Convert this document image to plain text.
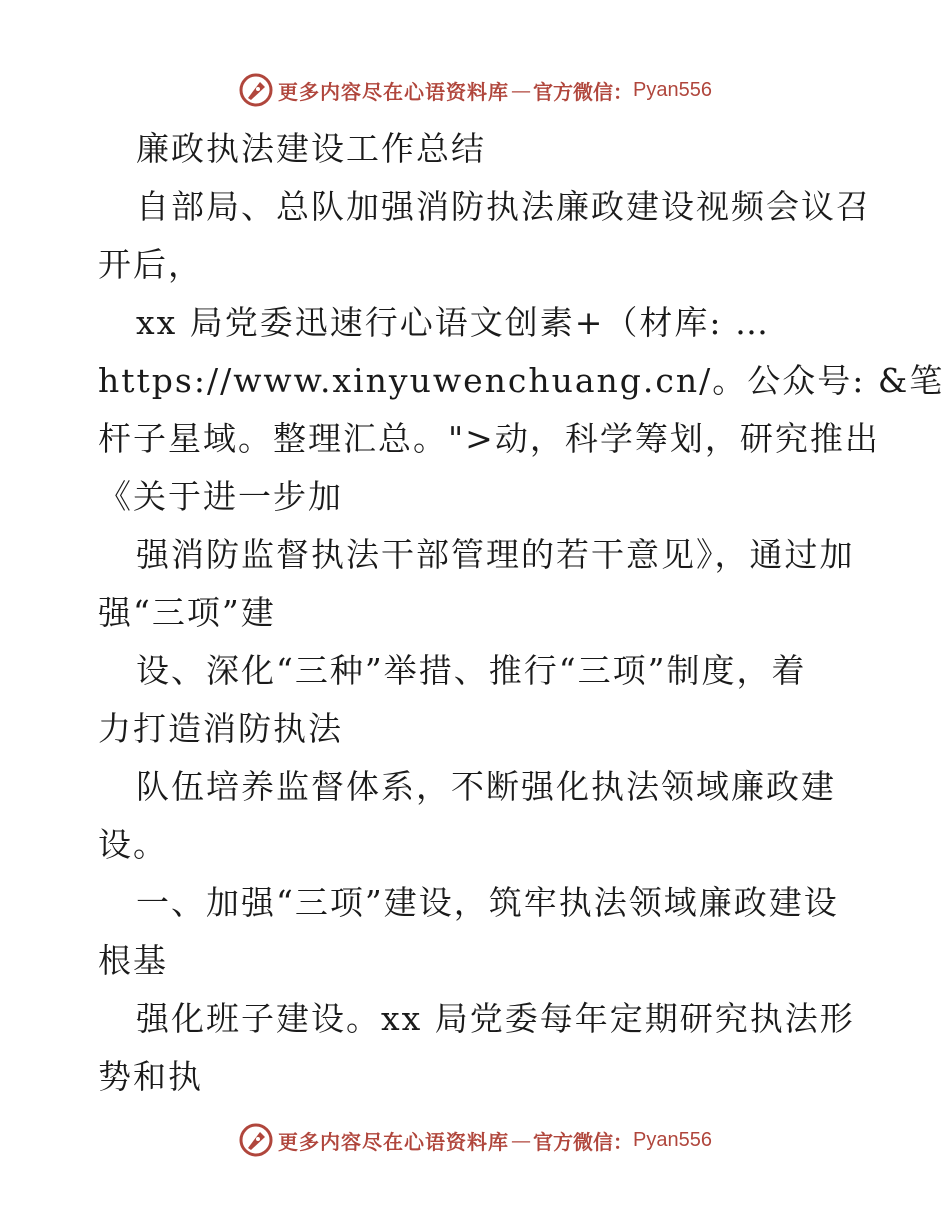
更多内容尽在心语资料库 — 官方微信： Pyan556
廉政执法建设工作总结
自部局、总队加强消防执法廉政建设视频会议召
开后，
xx 局党委迅速行心语文创素+（材库: …
https://www.xinyuwenchuang.cn/。公众号: &笔
杆子星域。整理汇总。">动，科学筹划，研究推出
《关于进一步加
强消防监督执法干部管理的若干意见》，通过加
强“三项”建
设、深化“三种”举措、推行“三项”制度，着
力打造消防执法
队伍培养监督体系，不断强化执法领域廉政建
设。
一、加强“三项”建设，筑牢执法领域廉政建设
根基
强化班子建设。xx 局党委每年定期研究执法形
势和执
更多内容尽在心语资料库 — 官方微信： Pyan556
